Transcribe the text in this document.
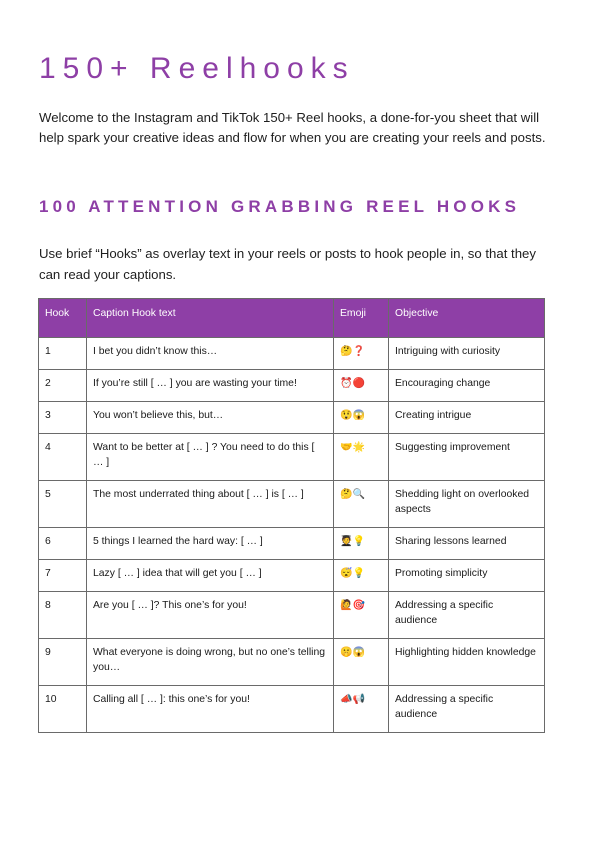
150+ Reelhooks

Welcome to the Instagram and TikTok 150+ Reel hooks, a done-for-you sheet that will help spark your creative ideas and flow for when you are creating your reels and posts.

100 ATTENTION GRABBING REEL HOOKS

Use brief “Hooks” as overlay text in your reels or posts to hook people in, so that they can read your captions.

Hook	Caption Hook text	Emoji	Objective
1	I bet you didn’t know this…	🤔❓	Intriguing with curiosity
2	If you’re still [ … ] you are wasting your time!	⏰🔴	Encouraging change
3	You won’t believe this, but…	😲😱	Creating intrigue
4	Want to be better at [ … ] ? You need to do this [ … ]	🤝🌟	Suggesting improvement
5	The most underrated thing about [ … ] is [ … ]	🤔🔍	Shedding light on overlooked aspects
6	5 things I learned the hard way: [ … ]	🧑‍🎓💡	Sharing lessons learned
7	Lazy [ … ] idea that will get you [ … ]	😴💡	Promoting simplicity
8	Are you [ … ]? This one’s for you!	🙋🎯	Addressing a specific audience
9	What everyone is doing wrong, but no one’s telling you…	🤫😱	Highlighting hidden knowledge
10	Calling all [ … ]: this one’s for you!	📣📢	Addressing a specific audience
